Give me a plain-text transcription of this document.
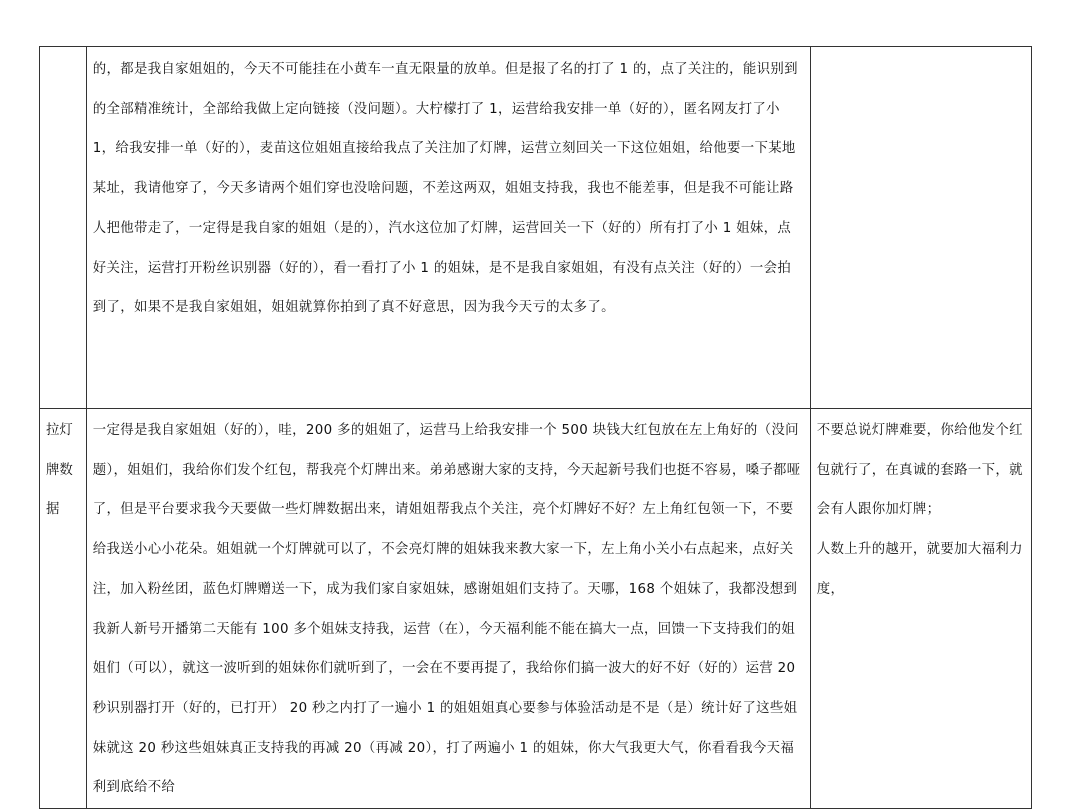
	的，都是我自家姐姐的，今天不可能挂在小黄车一直无限量的放单。但是报了名的打了 1 的，点了关注的，能识别到的全部精准统计，全部给我做上定向链接（没问题）。大柠檬打了 1，运营给我安排一单（好的），匿名网友打了小 1，给我安排一单（好的），麦苗这位姐姐直接给我点了关注加了灯牌，运营立刻回关一下这位姐姐，给他要一下某地某址，我请他穿了，今天多请两个姐们穿也没啥问题，不差这两双，姐姐支持我，我也不能差事，但是我不可能让路人把他带走了，一定得是我自家的姐姐（是的），汽水这位加了灯牌，运营回关一下（好的）所有打了小 1 姐妹，点好关注，运营打开粉丝识别器（好的），看一看打了小 1 的姐妹，是不是我自家姐姐，有没有点关注（好的）一会拍到了，如果不是我自家姐姐，姐姐就算你拍到了真不好意思，因为我今天亏的太多了。	
拉灯牌数据	一定得是我自家姐姐（好的），哇，200 多的姐姐了，运营马上给我安排一个 500 块钱大红包放在左上角好的（没问题），姐姐们，我给你们发个红包，帮我亮个灯牌出来。弟弟感谢大家的支持，今天起新号我们也挺不容易，嗓子都哑了，但是平台要求我今天要做一些灯牌数据出来，请姐姐帮我点个关注，亮个灯牌好不好？左上角红包领一下，不要给我送小心小花朵。姐姐就一个灯牌就可以了，不会亮灯牌的姐妹我来教大家一下，左上角小关小右点起来，点好关注，加入粉丝团，蓝色灯牌赠送一下，成为我们家自家姐妹，感谢姐姐们支持了。天哪，168 个姐妹了，我都没想到我新人新号开播第二天能有 100 多个姐妹支持我，运营（在），今天福利能不能在搞大一点，回馈一下支持我们的姐姐们（可以），就这一波听到的姐妹你们就听到了，一会在不要再提了，我给你们搞一波大的好不好（好的）运营 20 秒识别器打开（好的，已打开） 20 秒之内打了一遍小 1 的姐姐姐真心要参与体验活动是不是（是）统计好了这些姐妹就这 20 秒这些姐妹真正支持我的再减 20（再减 20），打了两遍小 1 的姐妹，你大气我更大气，你看看我今天福利到底给不给	不要总说灯牌难要，你给他发个红包就行了，在真诚的套路一下，就会有人跟你加灯牌；
人数上升的越开，就要加大福利力度，
